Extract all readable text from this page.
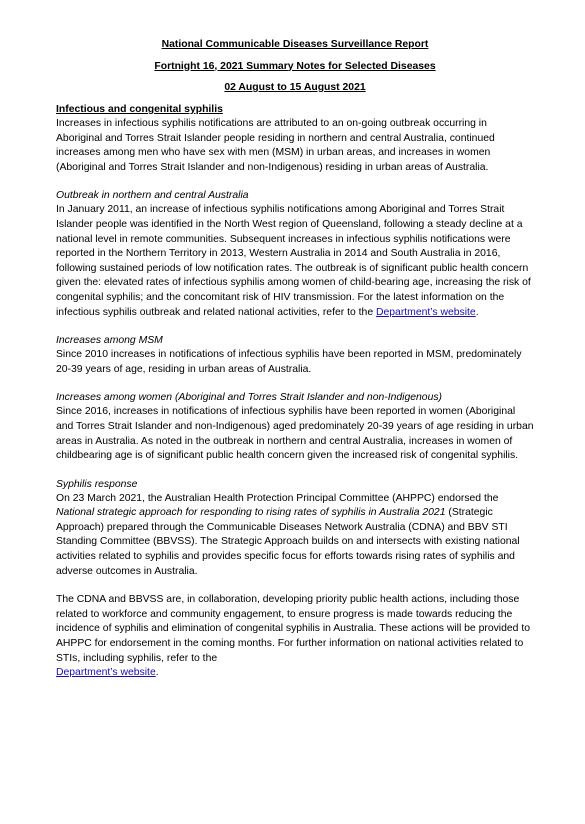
National Communicable Diseases Surveillance Report
Fortnight 16, 2021 Summary Notes for Selected Diseases
02 August to 15 August 2021
Infectious and congenital syphilis

Increases in infectious syphilis notifications are attributed to an on-going outbreak occurring in Aboriginal and Torres Strait Islander people residing in northern and central Australia, continued increases among men who have sex with men (MSM) in urban areas, and increases in women (Aboriginal and Torres Strait Islander and non-Indigenous) residing in urban areas of Australia.

Outbreak in northern and central Australia

In January 2011, an increase of infectious syphilis notifications among Aboriginal and Torres Strait Islander people was identified in the North West region of Queensland, following a steady decline at a national level in remote communities. Subsequent increases in infectious syphilis notifications were reported in the Northern Territory in 2013, Western Australia in 2014 and South Australia in 2016, following sustained periods of low notification rates. The outbreak is of significant public health concern given the: elevated rates of infectious syphilis among women of child-bearing age, increasing the risk of congenital syphilis; and the concomitant risk of HIV transmission. For the latest information on the infectious syphilis outbreak and related national activities, refer to the Department’s website.

Increases among MSM

Since 2010 increases in notifications of infectious syphilis have been reported in MSM, predominately 20-39 years of age, residing in urban areas of Australia.

Increases among women (Aboriginal and Torres Strait Islander and non-Indigenous)

Since 2016, increases in notifications of infectious syphilis have been reported in women (Aboriginal and Torres Strait Islander and non-Indigenous) aged predominately 20-39 years of age residing in urban areas in Australia. As noted in the outbreak in northern and central Australia, increases in women of childbearing age is of significant public health concern given the increased risk of congenital syphilis.

Syphilis response

On 23 March 2021, the Australian Health Protection Principal Committee (AHPPC) endorsed the National strategic approach for responding to rising rates of syphilis in Australia 2021 (Strategic Approach) prepared through the Communicable Diseases Network Australia (CDNA) and BBV STI Standing Committee (BBVSS). The Strategic Approach builds on and intersects with existing national activities related to syphilis and provides specific focus for efforts towards rising rates of syphilis and adverse outcomes in Australia.

The CDNA and BBVSS are, in collaboration, developing priority public health actions, including those related to workforce and community engagement, to ensure progress is made towards reducing the incidence of syphilis and elimination of congenital syphilis in Australia. These actions will be provided to AHPPC for endorsement in the coming months. For further information on national activities related to STIs, including syphilis, refer to the

Department’s website.
